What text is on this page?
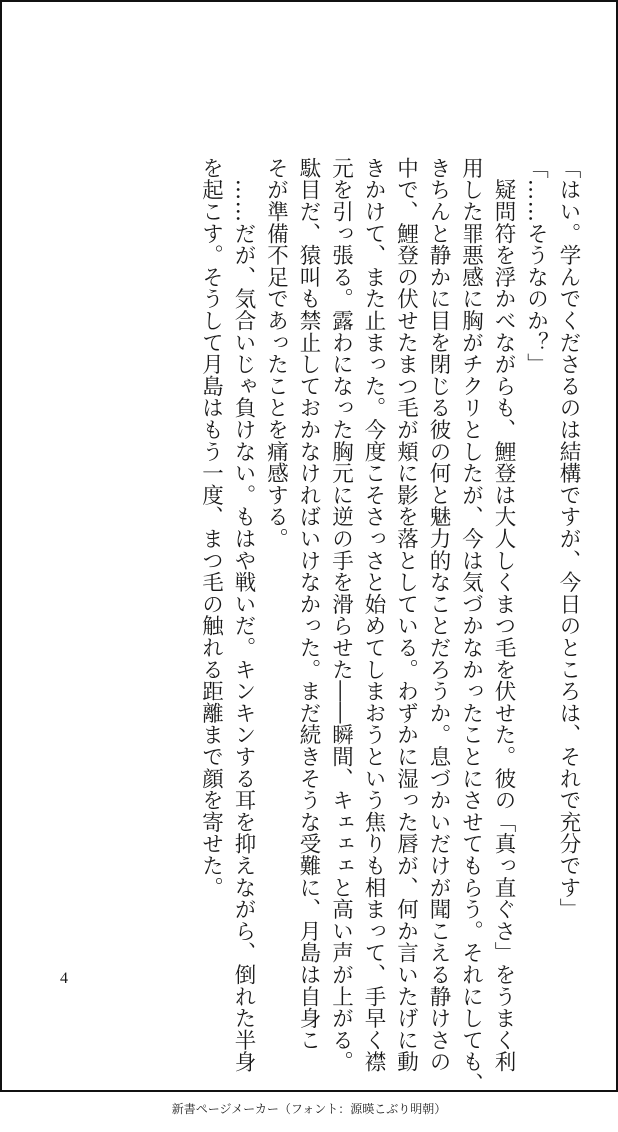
「はい。学んでくださるのは結構ですが、今日のところは、それで充分です」
「……そうなのか？」
　疑問符を浮かべながらも、鯉登は大人しくまつ毛を伏せた。彼の「真っ直ぐさ」をうまく利
用した罪悪感に胸がチクリとしたが、今は気づかなかったことにさせてもらう。それにしても、
きちんと静かに目を閉じる彼の何と魅力的なことだろうか。息づかいだけが聞こえる静けさの
中で、鯉登の伏せたまつ毛が頬に影を落としている。わずかに湿った唇が、何か言いたげに動
きかけて、また止まった。今度こそさっさと始めてしまおうという焦りも相まって、手早く襟
元を引っ張る。露わになった胸元に逆の手を滑らせた――瞬間、キェェェと高い声が上がる。
駄目だ、猿叫も禁止しておかなければいけなかった。まだ続きそうな受難に、月島は自身こ
そが準備不足であったことを痛感する。
　……だが、気合いじゃ負けない。もはや戦いだ。キンキンする耳を抑えながら、倒れた半身
を起こす。そうして月島はもう一度、まつ毛の触れる距離まで顔を寄せた。
4
新書ページメーカー（フォント：源暎こぶり明朝）
